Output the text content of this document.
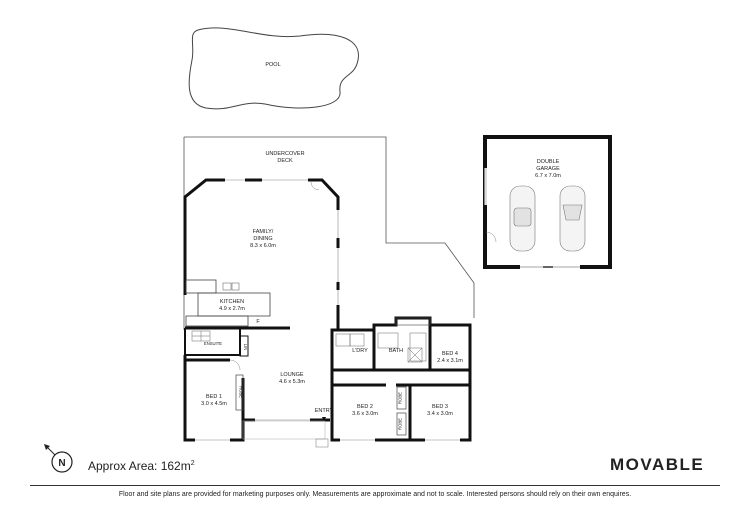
POOL
UNDERCOVER
DECK	DOUBLE
GARAGE
6.7 x 7.0m
FAMILY/
DINING
8.3 x 6.0m
KITCHEN
4.9 x 2.7m
F
ENSUITE
LIN
ROBE
BED 1
3.0 x 4.5m
LOUNGE
4.6 x 5.3m
ENTRY
L'DRY	BATH	BED 4
2.4 x 3.1m
ROBE
ROBE
BED 2
3.6 x 3.0m
BED 3
3.4 x 3.0m
N Approx Area: $162m^2$	MOVABLE
Floor and site plans are provided for marketing purposes only. Measurements are approximate and not to scale. Interested persons should rely on their own enquires.
